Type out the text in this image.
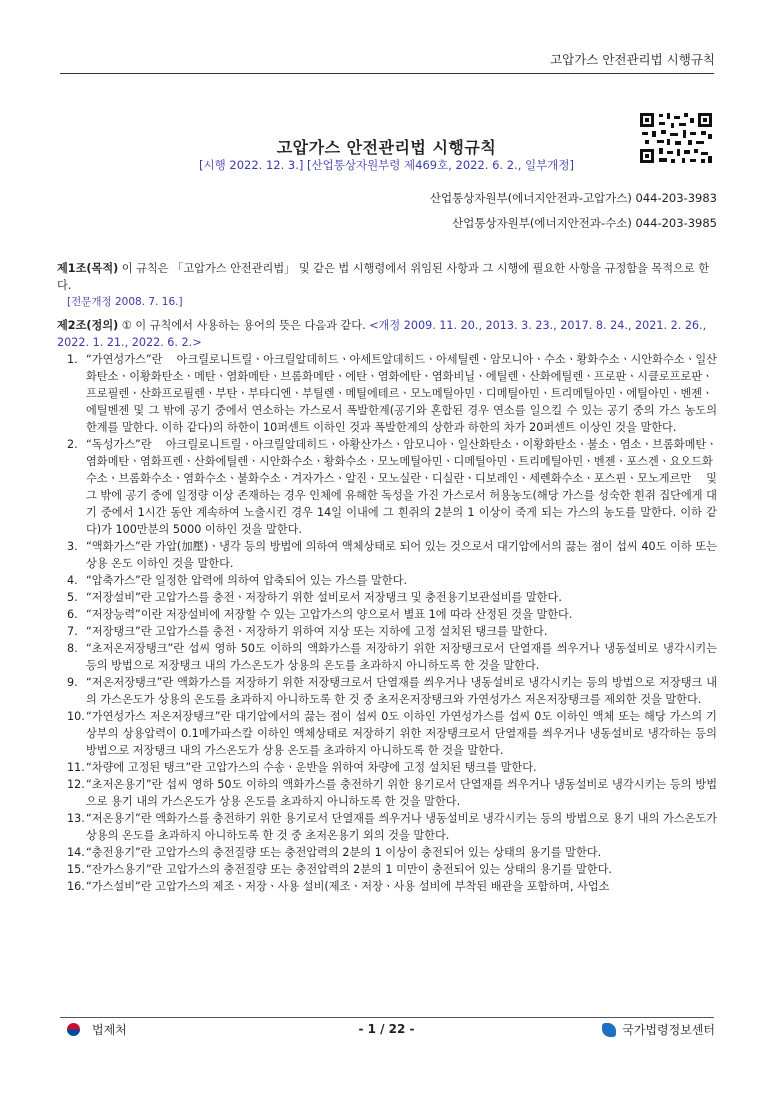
고압가스 안전관리법 시행규칙
고압가스 안전관리법 시행규칙
[시행 2022. 12. 3.] [산업통상자원부령 제469호, 2022. 6. 2., 일부개정]
산업통상자원부(에너지안전과-고압가스) 044-203-3983
산업통상자원부(에너지안전과-수소) 044-203-3985
제1조(목적) 이 규칙은 「고압가스 안전관리법」 및 같은 법 시행령에서 위임된 사항과 그 시행에 필요한 사항을 규정함을 목적으로 한다.
[전문개정 2008. 7. 16.]
제2조(정의) ① 이 규칙에서 사용하는 용어의 뜻은 다음과 같다. <개정 2009. 11. 20., 2013. 3. 23., 2017. 8. 24., 2021. 2. 26., 2022. 1. 21., 2022. 6. 2.>
1. “가연성가스”란 아크릴로니트릴ㆍ아크릴알데히드ㆍ아세트알데히드ㆍ아세틸렌ㆍ암모니아ㆍ수소ㆍ황화수소ㆍ시안화수소ㆍ일산화탄소ㆍ이황화탄소ㆍ메탄ㆍ염화메탄ㆍ브롬화메탄ㆍ에탄ㆍ염화에탄ㆍ염화비닐ㆍ에틸렌ㆍ산화에틸렌ㆍ프로판ㆍ시클로프로판ㆍ프로필렌ㆍ산화프로필렌ㆍ부탄ㆍ부타디엔ㆍ부틸렌ㆍ메틸에테르ㆍ모노메틸아민ㆍ디메틸아민ㆍ트리메틸아민ㆍ에틸아민ㆍ벤젠ㆍ에틸벤젠 및 그 밖에 공기 중에서 연소하는 가스로서 폭발한계(공기와 혼합된 경우 연소를 일으킬 수 있는 공기 중의 가스 농도의 한계를 말한다. 이하 같다)의 하한이 10퍼센트 이하인 것과 폭발한계의 상한과 하한의 차가 20퍼센트 이상인 것을 말한다.
2. “독성가스”란 아크릴로니트릴ㆍ아크릴알데히드ㆍ아황산가스ㆍ암모니아ㆍ일산화탄소ㆍ이황화탄소ㆍ불소ㆍ염소ㆍ브롬화메탄ㆍ염화메탄ㆍ염화프렌ㆍ산화에틸렌ㆍ시안화수소ㆍ황화수소ㆍ모노메틸아민ㆍ디메틸아민ㆍ트리메틸아민ㆍ벤젠ㆍ포스겐ㆍ요오드화수소ㆍ브롬화수소ㆍ염화수소ㆍ불화수소ㆍ겨자가스ㆍ알진ㆍ모노실란ㆍ디실란ㆍ디보레인ㆍ세렌화수소ㆍ포스핀ㆍ모노게르만 및 그 밖에 공기 중에 일정량 이상 존재하는 경우 인체에 유해한 독성을 가진 가스로서 허용농도(해당 가스를 성숙한 흰쥐 집단에게 대기 중에서 1시간 동안 계속하여 노출시킨 경우 14일 이내에 그 흰쥐의 2분의 1 이상이 죽게 되는 가스의 농도를 말한다. 이하 같다)가 100만분의 5000 이하인 것을 말한다.
3. “액화가스”란 가압(加壓)ㆍ냉각 등의 방법에 의하여 액체상태로 되어 있는 것으로서 대기압에서의 끓는 점이 섭씨 40도 이하 또는 상용 온도 이하인 것을 말한다.
4. “압축가스”란 일정한 압력에 의하여 압축되어 있는 가스를 말한다.
5. “저장설비”란 고압가스를 충전ㆍ저장하기 위한 설비로서 저장탱크 및 충전용기보관설비를 말한다.
6. “저장능력”이란 저장설비에 저장할 수 있는 고압가스의 양으로서 별표 1에 따라 산정된 것을 말한다.
7. “저장탱크”란 고압가스를 충전ㆍ저장하기 위하여 지상 또는 지하에 고정 설치된 탱크를 말한다.
8. “초저온저장탱크”란 섭씨 영하 50도 이하의 액화가스를 저장하기 위한 저장탱크로서 단열재를 씌우거나 냉동설비로 냉각시키는 등의 방법으로 저장탱크 내의 가스온도가 상용의 온도를 초과하지 아니하도록 한 것을 말한다.
9. “저온저장탱크”란 액화가스를 저장하기 위한 저장탱크로서 단열재를 씌우거나 냉동설비로 냉각시키는 등의 방법으로 저장탱크 내의 가스온도가 상용의 온도를 초과하지 아니하도록 한 것 중 초저온저장탱크와 가연성가스 저온저장탱크를 제외한 것을 말한다.
10. “가연성가스 저온저장탱크”란 대기압에서의 끓는 점이 섭씨 0도 이하인 가연성가스를 섭씨 0도 이하인 액체 또는 해당 가스의 기상부의 상용압력이 0.1메가파스칼 이하인 액체상태로 저장하기 위한 저장탱크로서 단열재를 씌우거나 냉동설비로 냉각하는 등의 방법으로 저장탱크 내의 가스온도가 상용 온도를 초과하지 아니하도록 한 것을 말한다.
11. “차량에 고정된 탱크”란 고압가스의 수송ㆍ운반을 위하여 차량에 고정 설치된 탱크를 말한다.
12. “초저온용기”란 섭씨 영하 50도 이하의 액화가스를 충전하기 위한 용기로서 단열재를 씌우거나 냉동설비로 냉각시키는 등의 방법으로 용기 내의 가스온도가 상용 온도를 초과하지 아니하도록 한 것을 말한다.
13. “저온용기”란 액화가스를 충전하기 위한 용기로서 단열재를 씌우거나 냉동설비로 냉각시키는 등의 방법으로 용기 내의 가스온도가 상용의 온도를 초과하지 아니하도록 한 것 중 초저온용기 외의 것을 말한다.
14. “충전용기”란 고압가스의 충전질량 또는 충전압력의 2분의 1 이상이 충전되어 있는 상태의 용기를 말한다.
15. “잔가스용기”란 고압가스의 충전질량 또는 충전압력의 2분의 1 미만이 충전되어 있는 상태의 용기를 말한다.
16. “가스설비”란 고압가스의 제조ㆍ저장ㆍ사용 설비(제조ㆍ저장ㆍ사용 설비에 부착된 배관을 포함하며, 사업소
법제처	- 1 / 22 -	국가법령정보센터
